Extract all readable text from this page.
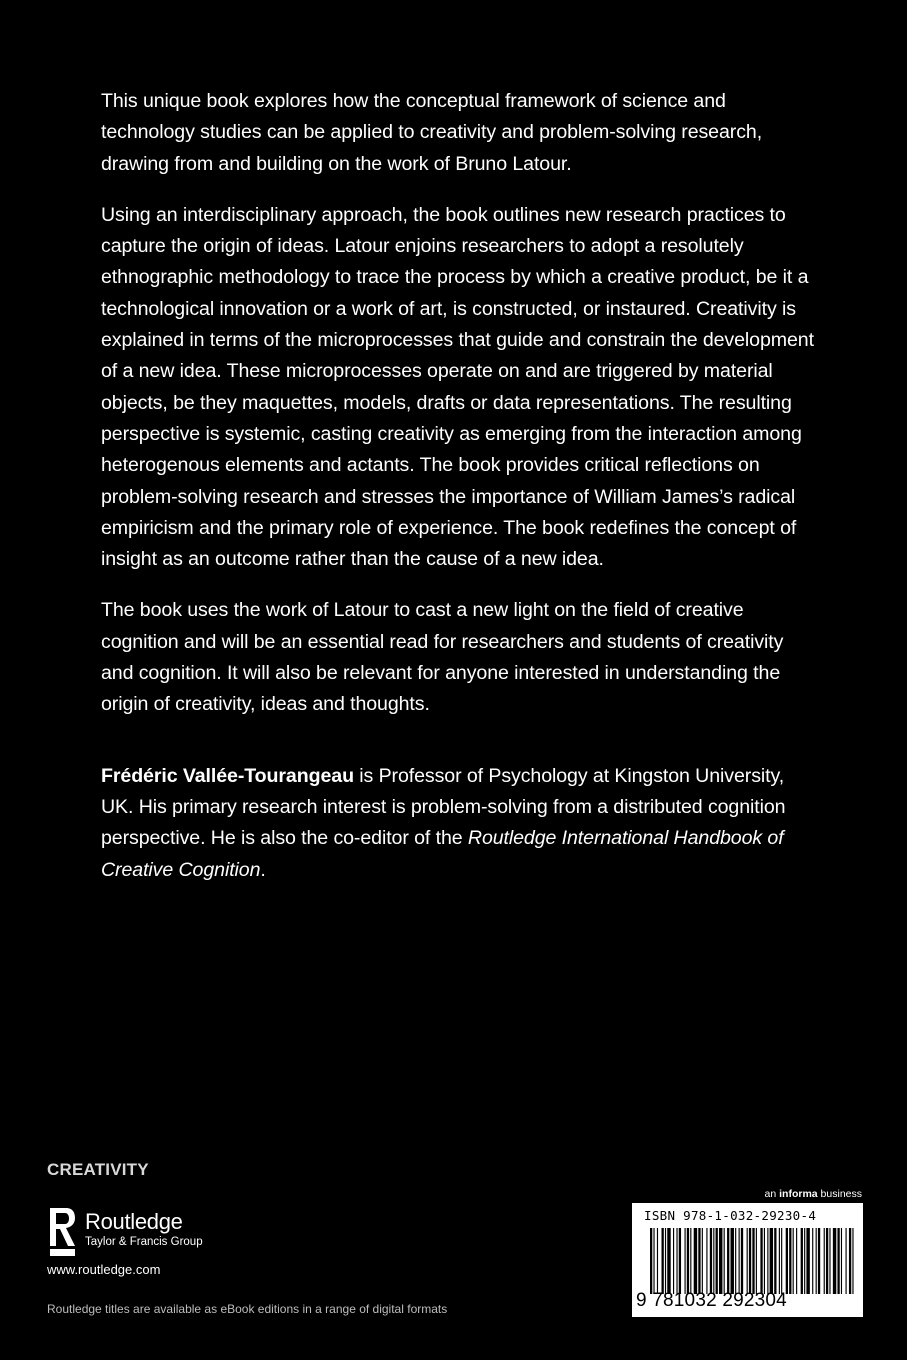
This unique book explores how the conceptual framework of science and technology studies can be applied to creativity and problem-solving research, drawing from and building on the work of Bruno Latour.

Using an interdisciplinary approach, the book outlines new research practices to capture the origin of ideas. Latour enjoins researchers to adopt a resolutely ethnographic methodology to trace the process by which a creative product, be it a technological innovation or a work of art, is constructed, or instaured. Creativity is explained in terms of the microprocesses that guide and constrain the development of a new idea. These microprocesses operate on and are triggered by material objects, be they maquettes, models, drafts or data representations. The resulting perspective is systemic, casting creativity as emerging from the interaction among heterogenous elements and actants. The book provides critical reflections on problem-solving research and stresses the importance of William James’s radical empiricism and the primary role of experience. The book redefines the concept of insight as an outcome rather than the cause of a new idea.

The book uses the work of Latour to cast a new light on the field of creative cognition and will be an essential read for researchers and students of creativity and cognition. It will also be relevant for anyone interested in understanding the origin of creativity, ideas and thoughts.

Frédéric Vallée-Tourangeau is Professor of Psychology at Kingston University, UK. His primary research interest is problem-solving from a distributed cognition perspective. He is also the co-editor of the Routledge International Handbook of Creative Cognition.

CREATIVITY
Routledge
Taylor & Francis Group
www.routledge.com
Routledge titles are available as eBook editions in a range of digital formats
an informa business
ISBN 978-1-032-29230-4
9 781032 292304
